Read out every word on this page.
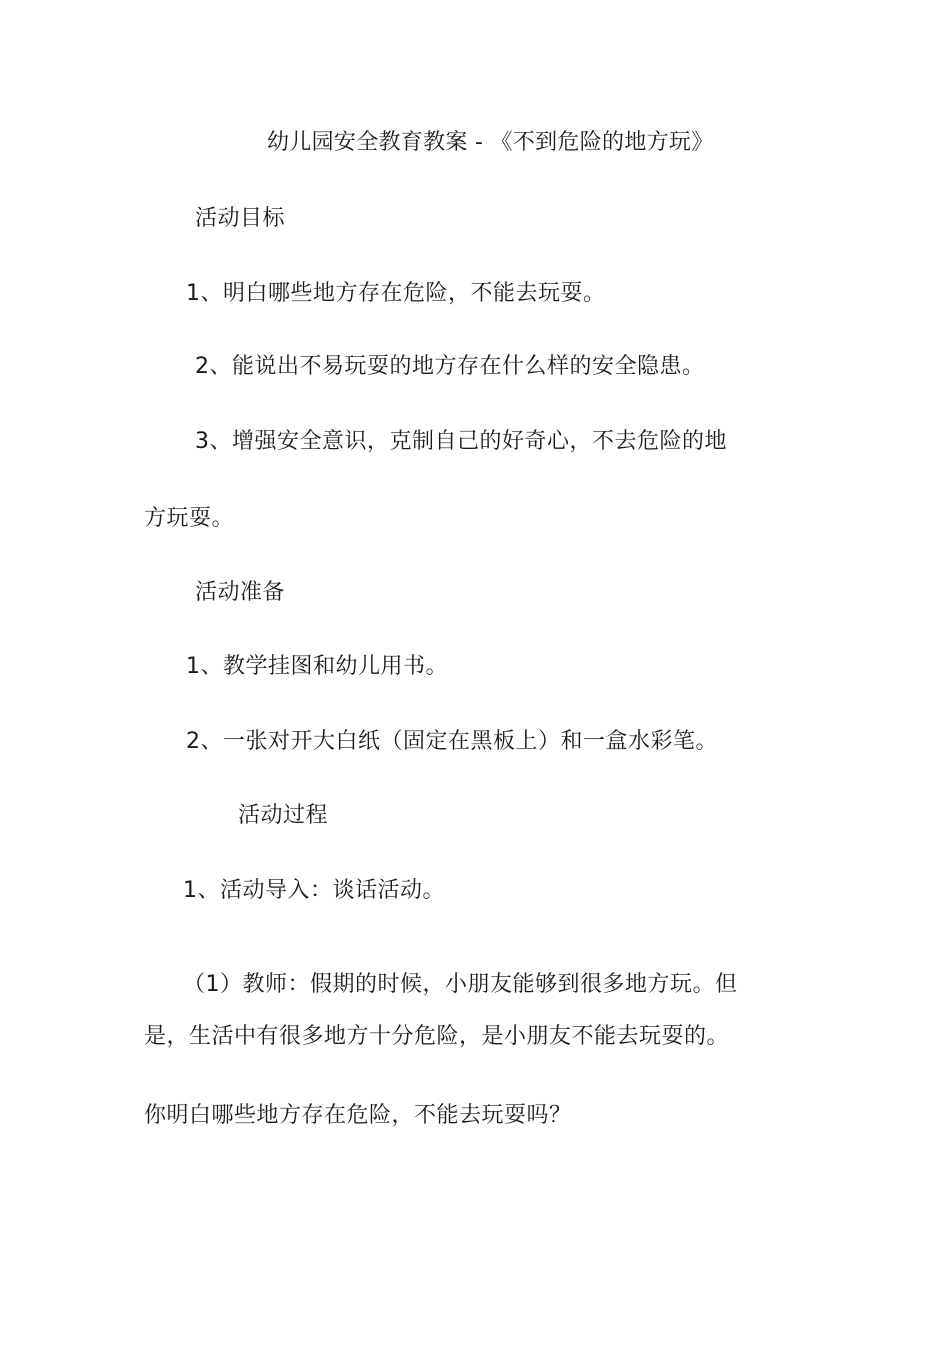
幼儿园安全教育教案 - 《不到危险的地方玩》
活动目标
1、明白哪些地方存在危险，不能去玩耍。
2、能说出不易玩耍的地方存在什么样的安全隐患。
3、增强安全意识，克制自己的好奇心，不去危险的地
方玩耍。
活动准备
1、教学挂图和幼儿用书。
2、一张对开大白纸（固定在黑板上）和一盒水彩笔。
活动过程
1、活动导入：谈话活动。
（1）教师：假期的时候，小朋友能够到很多地方玩。但
是，生活中有很多地方十分危险，是小朋友不能去玩耍的。
你明白哪些地方存在危险，不能去玩耍吗？
